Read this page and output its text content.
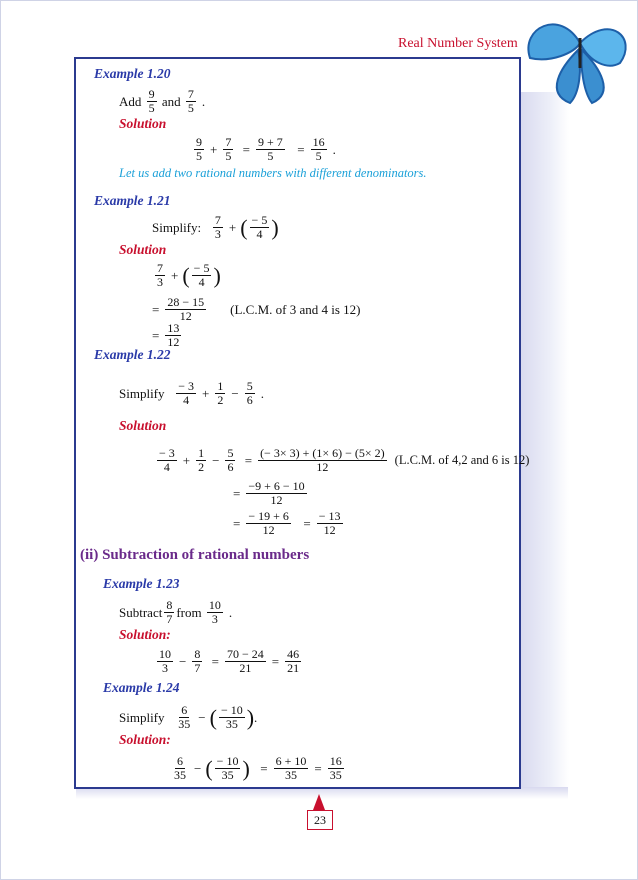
Real Number System
Example 1.20
Add
$\frac{9}{5}$
and
$\frac{7}{5}$ .
Solution
$\frac{9}{5} + \frac{7}{5} = \frac{9 + 7}{5} = \frac{16}{5}$ .
Let us add two rational numbers with different denominators.
Example 1.21
Simplify:
$\frac{7}{3}$ + ( $\frac{- 5}{4}$ )
Solution
$\frac{7}{3}$ + ( $\frac{- 5}{4}$ )
= $\frac{28 - 15}{12} (L.C.M$. of 3 and 4 is 12)
= $\frac{13}{12}$
Example 1.22
Simplify
$\frac{- 3}{4} + \frac{1}{2} - \frac{5}{6}$ .
Solution
$\frac{- 3}{4} + \frac{1}{2} - \frac{5}{6} = \frac{(- 3\times 3) + (1\times 6) - (5\times 2)}{12} (L.C.M$. of 4,2 and 6 is 12)
= $\frac{-9 + 6 - 10}{12}$
= $\frac{- 19 + 6}{12} = \frac{- 13}{12}$
(ii) Subtraction of rational numbers
Example 1.23
Subtract $\frac{8}{7}$ from
$\frac{10}{3}$ .
Solution:
$\frac{10}{3} - \frac{8}{7} = \frac{70 - 24}{21} = \frac{46}{21}$
Example 1.24
Simplify
$\frac{6}{35}$ − ( $\frac{- 10}{35}$ ) .
Solution:
$\frac{6}{35}$ − ( $\frac{- 10}{35}$ ) = $\frac{6 + 10}{35} = \frac{16}{35}$
23
